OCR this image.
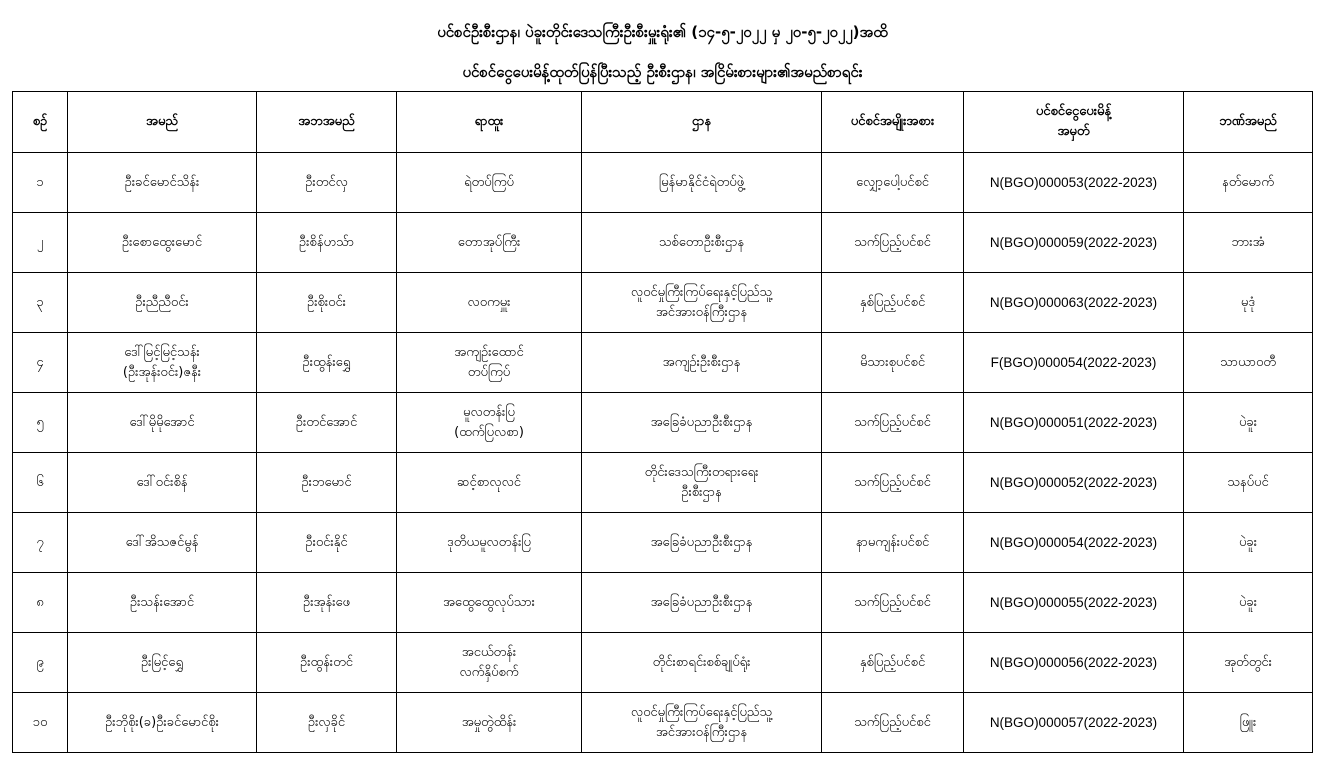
ပင်စင်ဦးစီးဌာန၊ ပဲခူးတိုင်းဒေသကြီးဦးစီးမှူးရုံး၏ (၁၄-၅-၂၀၂၂ မှ ၂၀-၅-၂၀၂၂)အထိ
ပင်စင်ငွေပေးမိန့်ထုတ်ပြန်ပြီးသည့် ဦးစီးဌာန၊ အငြိမ်းစားများ၏အမည်စာရင်း
စဉ်	အမည်	အဘအမည်	ရာထူး	ဌာန	ပင်စင်အမျိုးအစား	ပင်စင်ငွေပေးမိန့်
အမှတ်	ဘဏ်အမည်
၁	ဦးခင်မောင်သိန်း	ဦးတင်လှ	ရဲတပ်ကြပ်	မြန်မာနိုင်ငံရဲတပ်ဖွဲ့	လျှော့ပေါ့ပင်စင်	N(BGO)000053(2022-2023)	နတ်မောက်
၂	ဦးစောထွေးမောင်	ဦးစိန်ဟသ်ာ	တောအုပ်ကြီး	သစ်တောဦးစီးဌာန	သက်ပြည့်ပင်စင်	N(BGO)000059(2022-2023)	ဘားအံ
၃	ဦးညီညီဝင်း	ဦးစိုးဝင်း	လဝကမှူး	လူဝင်မှုကြီးကြပ်ရေးနှင့်ပြည်သူ့
အင်အားဝန်ကြီးဌာန	နှစ်ပြည့်ပင်စင်	N(BGO)000063(2022-2023)	မုဒုံ
၄	ဒေါ်မြင့်မြင့်သန်း
(ဦးအုန်းဝင်း)ဇနီး	ဦးထွန်းရွှေ	အကျဉ်းထောင်
တပ်ကြပ်	အကျဉ်းဦးစီးဌာန	မိသားစုပင်စင်	F(BGO)000054(2022-2023)	သာယာဝတီ
၅	ဒေါ်မိုမိုအောင်	ဦးတင်အောင်	မူလတန်းပြ
(ထက်ပြလစာ)	အခြေခံပညာဦးစီးဌာန	သက်ပြည့်ပင်စင်	N(BGO)000051(2022-2023)	ပဲခူး
၆	ဒေါ်ဝင်းစိန်	ဦးဘမောင်	ဆင့်စာလုလင်	တိုင်းဒေသကြီးတရားရေး
ဦးစီးဌာန	သက်ပြည့်ပင်စင်	N(BGO)000052(2022-2023)	သနပ်ပင်
၇	ဒေါ်အိသဇင်မွန်	ဦးဝင်းနိုင်	ဒုတိယမူလတန်းပြ	အခြေခံပညာဦးစီးဌာန	နာမကျန်းပင်စင်	N(BGO)000054(2022-2023)	ပဲခူး
၈	ဦးသန်းအောင်	ဦးအုန်းဖေ	အထွေထွေလုပ်သား	အခြေခံပညာဦးစီးဌာန	သက်ပြည့်ပင်စင်	N(BGO)000055(2022-2023)	ပဲခူး
၉	ဦးမြင့်ရွှေ	ဦးထွန်းတင်	အငယ်တန်း
လက်နှိပ်စက်	တိုင်းစာရင်းစစ်ချုပ်ရုံး	နှစ်ပြည့်ပင်စင်	N(BGO)000056(2022-2023)	အုတ်တွင်း
၁၀	ဦးဘိုစိုး(ခ)ဦးခင်မောင်စိုး	ဦးလှခိုင်	အမှုတွဲထိန်း	လူဝင်မှုကြီးကြပ်ရေးနှင့်ပြည်သူ့
အင်အားဝန်ကြီးဌာန	သက်ပြည့်ပင်စင်	N(BGO)000057(2022-2023)	ဖြူး
